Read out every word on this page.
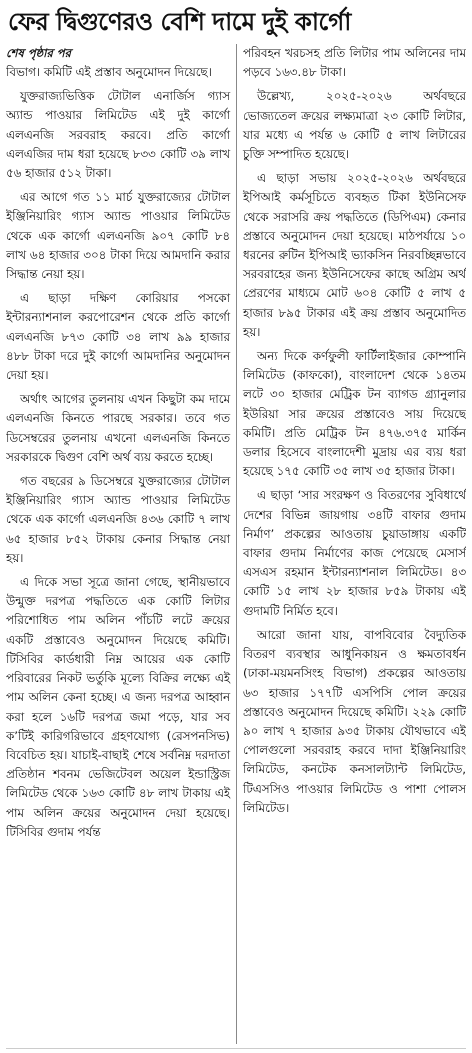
ফের দ্বিগুণেরও বেশি দামে দুই কার্গো
শেষ পৃষ্ঠার পর

বিভাগ। কমিটি এই প্রস্তাব অনুমোদন দিয়েছে।

যুক্তরাজ্যভিত্তিক টোটাল এনার্জিস গ্যাস অ্যান্ড পাওয়ার লিমিটেড এই দুই কার্গো এলএনজি সরবরাহ করবে। প্রতি কার্গো এলএজির দাম ধরা হয়েছে ৮৩৩ কোটি ৩৯ লাখ ৫৬ হাজার ৫১২ টাকা।

এর আগে গত ১১ মার্চ যুক্তরাজ্যের টোটাল ইঞ্জিনিয়ারিং গ্যাস অ্যান্ড পাওয়ার লিমিটেড থেকে এক কার্গো এলএনজি ৯০৭ কোটি ৮৪ লাখ ৬৪ হাজার ৩০৪ টাকা দিয়ে আমদানি করার সিদ্ধান্ত নেয়া হয়।

এ ছাড়া দক্ষিণ কোরিয়ার পসকো ইন্টারন্যাশনাল করপোরেশন থেকে প্রতি কার্গো এলএনজি ৮৭৩ কোটি ৩৪ লাখ ৯৯ হাজার ৪৮৮ টাকা দরে দুই কার্গো আমদানির অনুমোদন দেয়া হয়।

অর্থাৎ আগের তুলনায় এখন কিছুটা কম দামে এলএনজি কিনতে পারছে সরকার। তবে গত ডিসেম্বরের তুলনায় এখনো এলএনজি কিনতে সরকারকে দ্বিগুণ বেশি অর্থ ব্যয় করতে হচ্ছে।

গত বছরের ৯ ডিসেম্বরে যুক্তরাজ্যের টোটাল ইঞ্জিনিয়ারিং গ্যাস অ্যান্ড পাওয়ার লিমিটেড থেকে এক কার্গো এলএনজি ৪৩৬ কোটি ৭ লাখ ৬৫ হাজার ৮৫২ টাকায় কেনার সিদ্ধান্ত নেয়া হয়।

এ দিকে সভা সূত্রে জানা গেছে, স্থানীয়ভাবে উন্মুক্ত দরপত্র পদ্ধতিতে এক কোটি লিটার পরিশোধিত পাম অলিন পাঁচটি লটে ক্রয়ের একটি প্রস্তাবেও অনুমোদন দিয়েছে কমিটি। টিসিবির কার্ডধারী নিম্ন আয়ের এক কোটি পরিবারের নিকট ভর্তুকি মূল্যে বিক্রির লক্ষ্যে এই পাম অলিন কেনা হচ্ছে। এ জন্য দরপত্র আহ্বান করা হলে ১৬টি দরপত্র জমা পড়ে, যার সব ক’টিই কারিগরিভাবে গ্রহণযোগ্য (রেসপনসিভ) বিবেচিত হয়। যাচাই-বাছাই শেষে সর্বনিম্ন দরদাতা প্রতিষ্ঠান শবনম ভেজিটেবল অয়েল ইন্ডাস্ট্রিজ লিমিটেড থেকে ১৬৩ কোটি ৪৮ লাখ টাকায় এই পাম অলিন ক্রয়ের অনুমোদন দেয়া হয়েছে। টিসিবির গুদাম পর্যন্ত

পরিবহন খরচসহ প্রতি লিটার পাম অলিনের দাম পড়বে ১৬৩.৪৮ টাকা।

উল্লেখ্য, ২০২৫-২০২৬ অর্থবছরে ভোজ্যতেল ক্রয়ের লক্ষ্যমাত্রা ২৩ কোটি লিটার, যার মধ্যে এ পর্যন্ত ৬ কোটি ৫ লাখ লিটারের চুক্তি সম্পাদিত হয়েছে।

এ ছাড়া সভায় ২০২৫-২০২৬ অর্থবছরে ইপিআই কর্মসূচিতে ব্যবহৃত টিকা ইউনিসেফ থেকে সরাসরি ক্রয় পদ্ধতিতে (ডিপিএম) কেনার প্রস্তাবে অনুমোদন দেয়া হয়েছে। মাঠপর্যায়ে ১০ ধরনের রুটিন ইপিআই ভ্যাকসিন নিরবচ্ছিন্নভাবে সরবরাহের জন্য ইউনিসেফের কাছে অগ্রিম অর্থ প্রেরণের মাধ্যমে মোট ৬০৪ কোটি ৫ লাখ ৫ হাজার ৮৯৫ টাকার এই ক্রয় প্রস্তাব অনুমোদিত হয়।

অন্য দিকে কর্ণফুলী ফার্টিলাইজার কোম্পানি লিমিটেড (কাফকো), বাংলাদেশ থেকে ১৪তম লটে ৩০ হাজার মেট্রিক টন ব্যাগড গ্র্যানুলার ইউরিয়া সার ক্রয়ের প্রস্তাবেও সায় দিয়েছে কমিটি। প্রতি মেট্রিক টন ৪৭৬.৩৭৫ মার্কিন ডলার হিসেবে বাংলাদেশী মুদ্রায় এর ব্যয় ধরা হয়েছে ১৭৫ কোটি ৩৫ লাখ ৩৫ হাজার টাকা।

এ ছাড়া ‘সার সংরক্ষণ ও বিতরণের সুবিধার্থে দেশের বিভিন্ন জায়গায় ৩৪টি বাফার গুদাম নির্মাণ’ প্রকল্পের আওতায় চুয়াডাঙ্গায় একটি বাফার গুদাম নির্মাণের কাজ পেয়েছে মেসার্স এসএস রহমান ইন্টারন্যাশনাল লিমিটেড। ৪৩ কোটি ১৫ লাখ ২৮ হাজার ৮৫৯ টাকায় এই গুদামটি নির্মিত হবে।

আরো জানা যায়, বাপবিবোর বৈদ্যুতিক বিতরণ ব্যবস্থার আধুনিকায়ন ও ক্ষমতাবর্ধন (ঢাকা-ময়মনসিংহ বিভাগ) প্রকল্পের আওতায় ৬৩ হাজার ১৭৭টি এসপিসি পোল ক্রয়ের প্রস্তাবেও অনুমোদন দিয়েছে কমিটি। ২২৯ কোটি ৯০ লাখ ৭ হাজার ৯৩৫ টাকায় যৌথভাবে এই পোলগুলো সরবরাহ করবে দাদা ইঞ্জিনিয়ারিং লিমিটেড, কনটেক কনসালট্যান্ট লিমিটেড, টিএসসিও পাওয়ার লিমিটেড ও পাশা পোলস লিমিটেড।
